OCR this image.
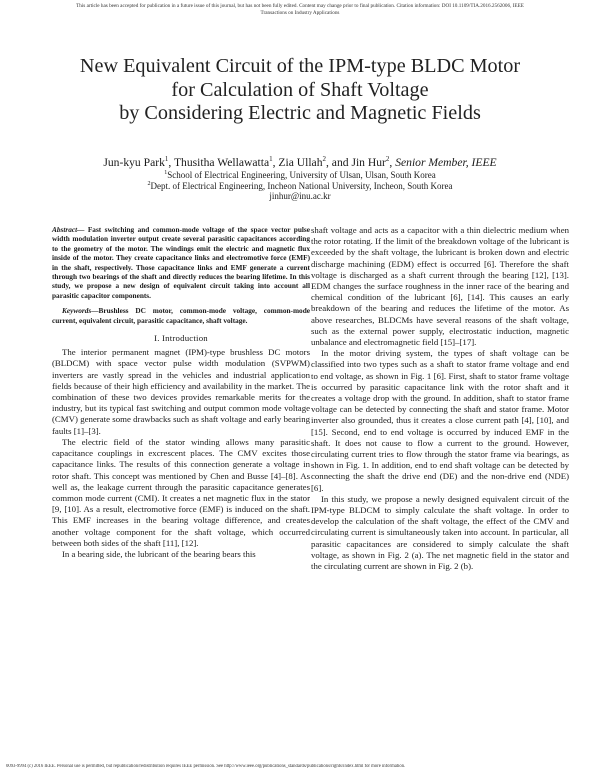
This article has been accepted for publication in a future issue of this journal, but has not been fully edited. Content may change prior to final publication. Citation information: DOI 10.1109/TIA.2016.2562006, IEEE
Transactions on Industry Applications
New Equivalent Circuit of the IPM-type BLDC Motor
for Calculation of Shaft Voltage
by Considering Electric and Magnetic Fields
Jun-kyu Park$^1$, Thusitha Wellawatta$^1$, Zia Ullah$^2$, and Jin Hur$^2$, Senior Member, IEEE
$^1$School of Electrical Engineering, University of Ulsan, Ulsan, South Korea
$^2$Dept. of Electrical Engineering, Incheon National University, Incheon, South Korea
jinhur@inu.ac.kr

Abstract— Fast switching and common-mode voltage of the space vector pulse width modulation inverter output create several parasitic capacitances according to the geometry of the motor. The windings emit the electric and magnetic flux inside of the motor. They create capacitance links and electromotive force (EMF) in the shaft, respectively. Those capacitance links and EMF generate a current through two bearings of the shaft and directly reduces the bearing lifetime. In this study, we propose a new design of equivalent circuit taking into account all parasitic capacitor components.

Keywords—Brushless DC motor, common-mode voltage, common-mode current, equivalent circuit, parasitic capacitance, shaft voltage.

I. Introduction

The interior permanent magnet (IPM)-type brushless DC motors (BLDCM) with space vector pulse width modulation (SVPWM) inverters are vastly spread in the vehicles and industrial application fields because of their high efficiency and availability in the market. The combination of these two devices provides remarkable merits for the industry, but its typical fast switching and output common mode voltage (CMV) generate some drawbacks such as shaft voltage and early bearing faults [1]–[3].

The electric field of the stator winding allows many parasitic capacitance couplings in excrescent places. The CMV excites those capacitance links. The results of this connection generate a voltage in rotor shaft. This concept was mentioned by Chen and Busse [4]–[8]. As well as, the leakage current through the parasitic capacitance generates common mode current (CMI). It creates a net magnetic flux in the stator [9, [10]. As a result, electromotive force (EMF) is induced on the shaft. This EMF increases in the bearing voltage difference, and creates another voltage component for the shaft voltage, which occurred between both sides of the shaft [11], [12].

In a bearing side, the lubricant of the bearing bears this

shaft voltage and acts as a capacitor with a thin dielectric medium when the rotor rotating. If the limit of the breakdown voltage of the lubricant is exceeded by the shaft voltage, the lubricant is broken down and electric discharge machining (EDM) effect is occurred [6]. Therefore the shaft voltage is discharged as a shaft current through the bearing [12], [13]. EDM changes the surface roughness in the inner race of the bearing and chemical condition of the lubricant [6], [14]. This causes an early breakdown of the bearing and reduces the lifetime of the motor. As above researches, BLDCMs have several reasons of the shaft voltage, such as the external power supply, electrostatic induction, magnetic unbalance and electromagnetic field [15]–[17].

In the motor driving system, the types of shaft voltage can be classified into two types such as a shaft to stator frame voltage and end to end voltage, as shown in Fig. 1 [6]. First, shaft to stator frame voltage is occurred by parasitic capacitance link with the rotor shaft and it creates a voltage drop with the ground. In addition, shaft to stator frame voltage can be detected by connecting the shaft and stator frame. Motor inverter also grounded, thus it creates a close current path [4], [10], and [15]. Second, end to end voltage is occurred by induced EMF in the shaft. It does not cause to flow a current to the ground. However, circulating current tries to flow through the stator frame via bearings, as shown in Fig. 1. In addition, end to end shaft voltage can be detected by connecting the shaft the drive end (DE) and the non-drive end (NDE) [6].

In this study, we propose a newly designed equivalent circuit of the IPM-type BLDCM to simply calculate the shaft voltage. In order to develop the calculation of the shaft voltage, the effect of the CMV and circulating current is simultaneously taken into account. In particular, all parasitic capacitances are considered to simply calculate the shaft voltage, as shown in Fig. 2 (a). The net magnetic field in the stator and the circulating current are shown in Fig. 2 (b).

0093-9994 (c) 2016 IEEE. Personal use is permitted, but republication/redistribution requires IEEE permission. See http://www.ieee.org/publications_standards/publications/rights/index.html for more information.
